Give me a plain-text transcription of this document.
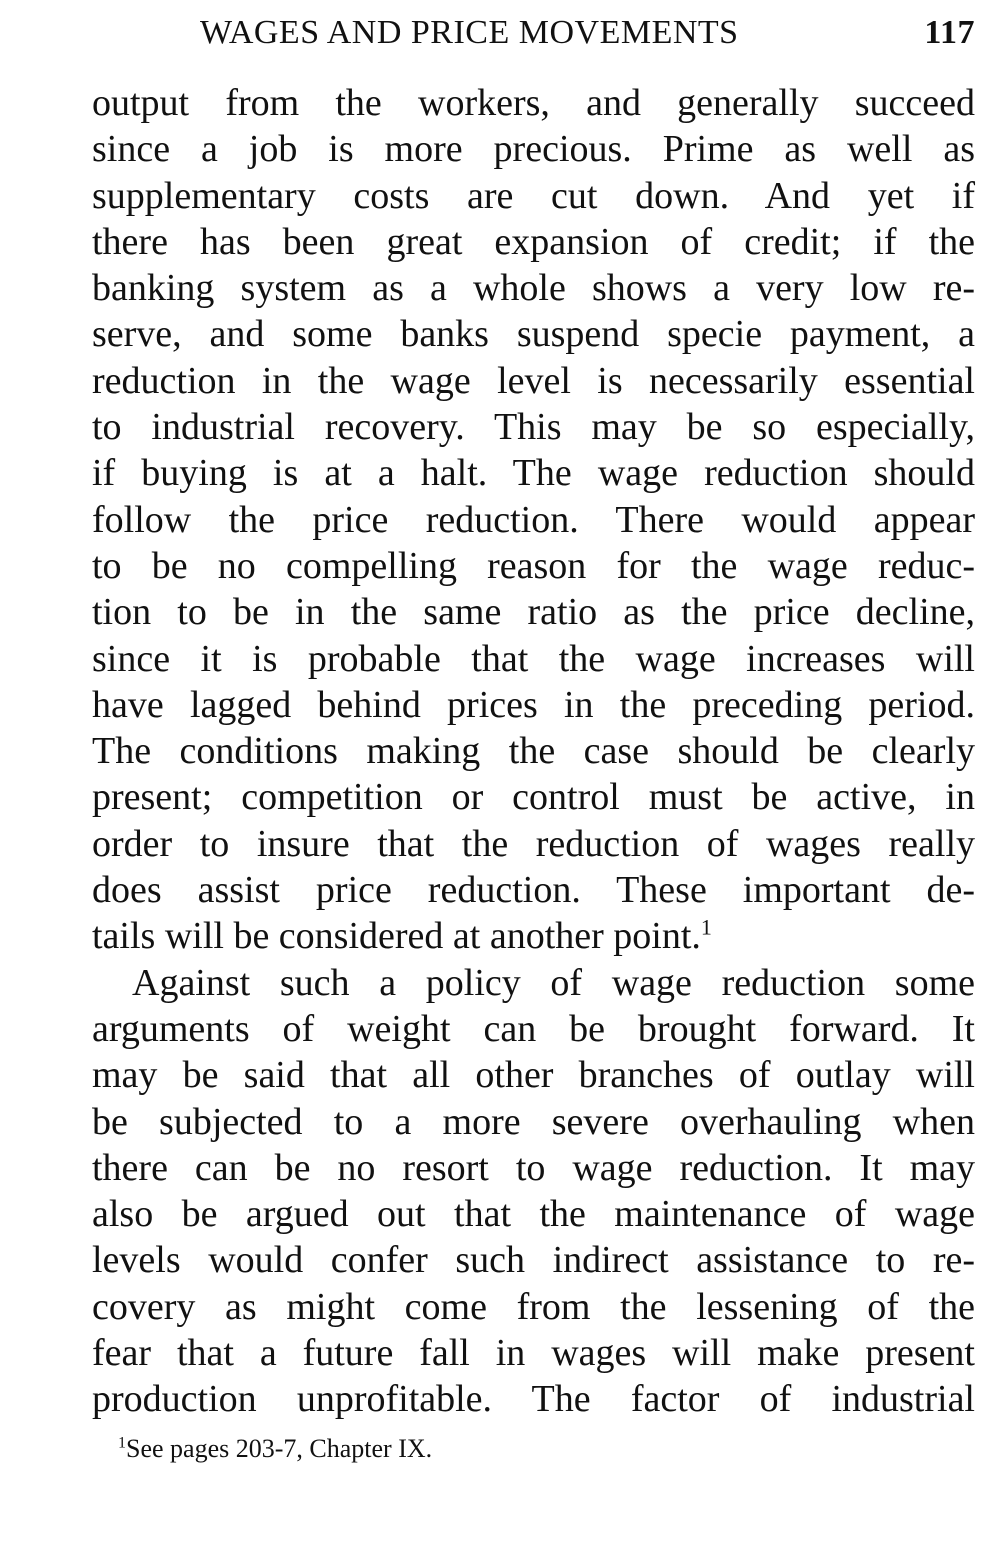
WAGES AND PRICE MOVEMENTS	117
output from the workers, and generally succeed
since a job is more precious. Prime as well as
supplementary costs are cut down. And yet if
there has been great expansion of credit; if the
banking system as a whole shows a very low re-
serve, and some banks suspend specie payment, a
reduction in the wage level is necessarily essential
to industrial recovery. This may be so especially,
if buying is at a halt. The wage reduction should
follow the price reduction. There would appear
to be no compelling reason for the wage reduc-
tion to be in the same ratio as the price decline,
since it is probable that the wage increases will
have lagged behind prices in the preceding period.
The conditions making the case should be clearly
present; competition or control must be active, in
order to insure that the reduction of wages really
does assist price reduction. These important de-
tails will be considered at another point.$^1$
Against such a policy of wage reduction some
arguments of weight can be brought forward. It
may be said that all other branches of outlay will
be subjected to a more severe overhauling when
there can be no resort to wage reduction. It may
also be argued out that the maintenance of wage
levels would confer such indirect assistance to re-
covery as might come from the lessening of the
fear that a future fall in wages will make present
production unprofitable. The factor of industrial
$^1$See pages 203-7, Chapter IX.
